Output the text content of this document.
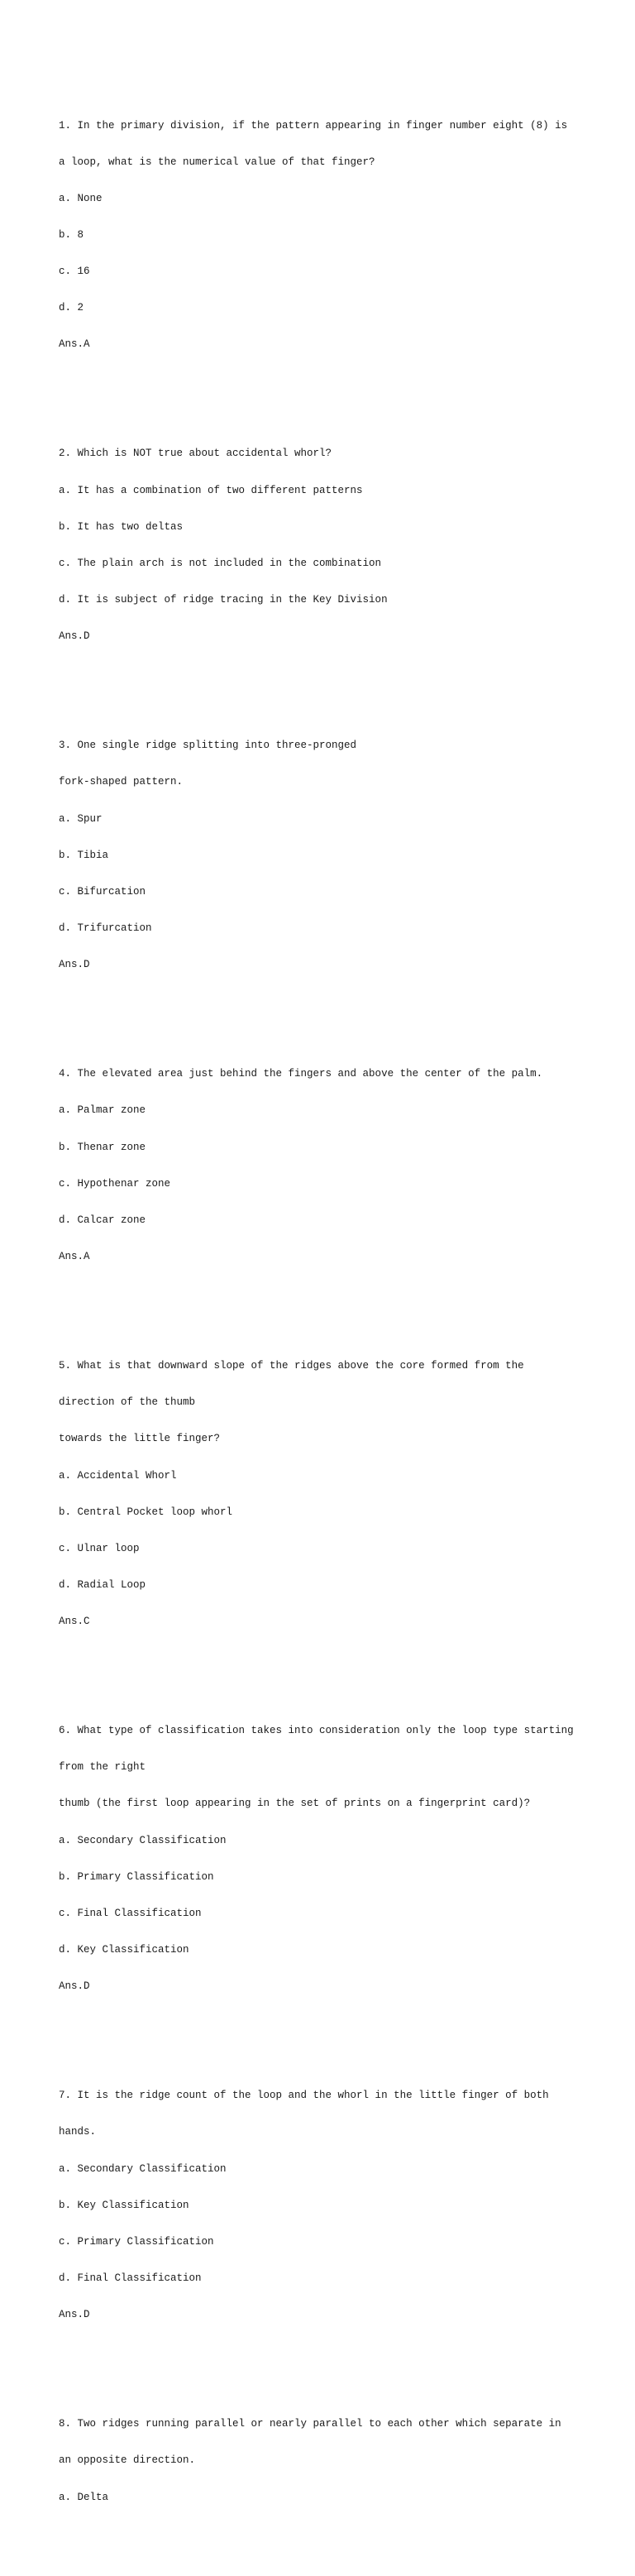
1. In the primary division, if the pattern appearing in finger number eight (8) is

a loop, what is the numerical value of that finger?

a. None

b. 8

c. 16

d. 2

Ans.A

2. Which is NOT true about accidental whorl?

a. It has a combination of two different patterns

b. It has two deltas

c. The plain arch is not included in the combination

d. It is subject of ridge tracing in the Key Division

Ans.D

3. One single ridge splitting into three-pronged

fork-shaped pattern.

a. Spur

b. Tibia

c. Bifurcation

d. Trifurcation

Ans.D

4. The elevated area just behind the fingers and above the center of the palm.

a. Palmar zone

b. Thenar zone

c. Hypothenar zone

d. Calcar zone

Ans.A

5. What is that downward slope of the ridges above the core formed from the

direction of the thumb

towards the little finger?

a. Accidental Whorl

b. Central Pocket loop whorl

c. Ulnar loop

d. Radial Loop

Ans.C

6. What type of classification takes into consideration only the loop type starting

from the right

thumb (the first loop appearing in the set of prints on a fingerprint card)?

a. Secondary Classification

b. Primary Classification

c. Final Classification

d. Key Classification

Ans.D

7. It is the ridge count of the loop and the whorl in the little finger of both

hands.

a. Secondary Classification

b. Key Classification

c. Primary Classification

d. Final Classification

Ans.D

8. Two ridges running parallel or nearly parallel to each other which separate in

an opposite direction.

a. Delta
